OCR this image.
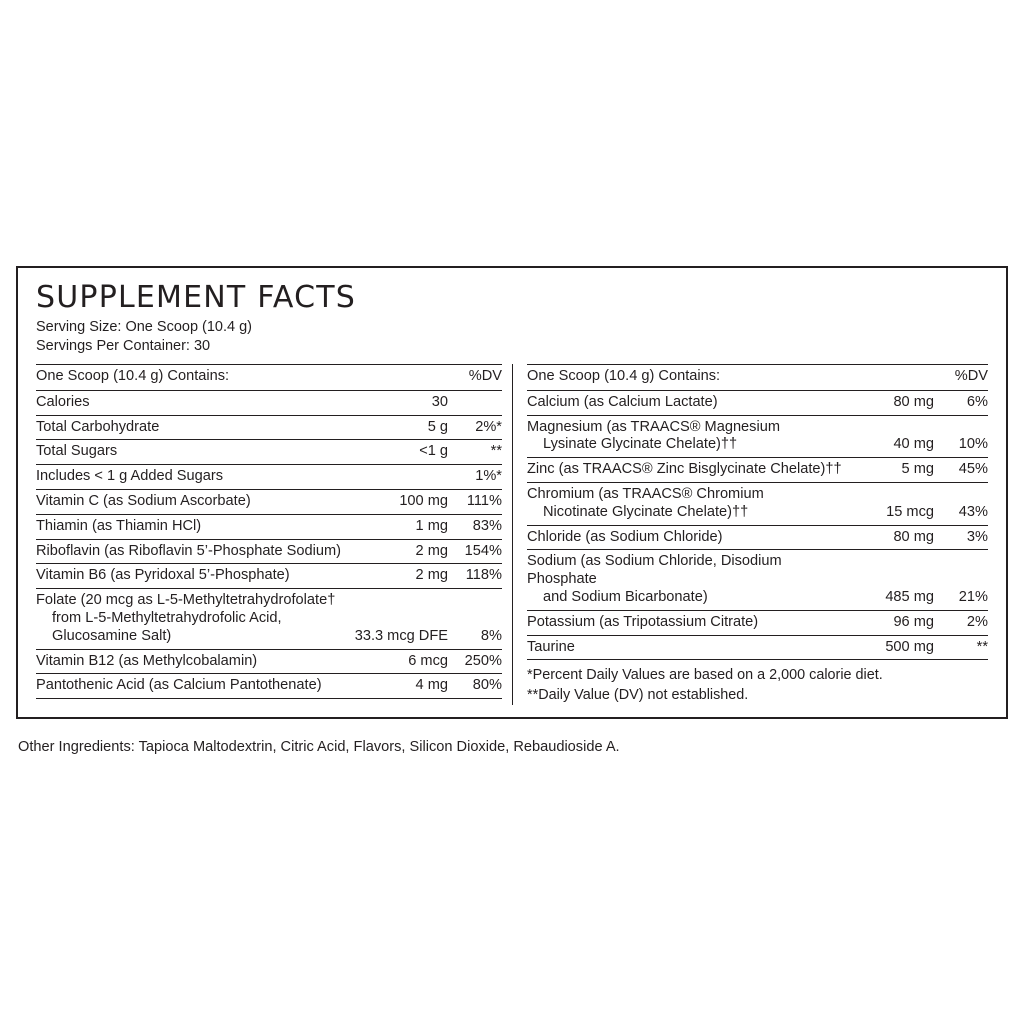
SUPPLEMENT FACTS
Serving Size: One Scoop (10.4 g)
Servings Per Container: 30
One Scoop (10.4 g) Contains:		%DV
Calories	30	
Total Carbohydrate	5 g	2%*
Total Sugars	<1 g	**
Includes < 1 g Added Sugars		1%*
Vitamin C (as Sodium Ascorbate)	100 mg	111%
Thiamin (as Thiamin HCl)	1 mg	83%
Riboflavin (as Riboflavin 5’-Phosphate Sodium)	2 mg	154%
Vitamin B6 (as Pyridoxal 5’-Phosphate)	2 mg	118%
Folate (20 mcg as L-5-Methyltetrahydrofolate†
from L-5-Methyltetrahydrofolic Acid,
Glucosamine Salt)	33.3 mcg DFE	8%
Vitamin B12 (as Methylcobalamin)	6 mcg	250%
Pantothenic Acid (as Calcium Pantothenate)	4 mg	80%
One Scoop (10.4 g) Contains:		%DV
Calcium (as Calcium Lactate)	80 mg	6%
Magnesium (as TRAACS® Magnesium
Lysinate Glycinate Chelate)††	40 mg	10%
Zinc (as TRAACS® Zinc Bisglycinate Chelate)††	5 mg	45%
Chromium (as TRAACS® Chromium
Nicotinate Glycinate Chelate)††	15 mcg	43%
Chloride (as Sodium Chloride)	80 mg	3%
Sodium (as Sodium Chloride, Disodium Phosphate
and Sodium Bicarbonate)	485 mg	21%
Potassium (as Tripotassium Citrate)	96 mg	2%
Taurine	500 mg	**
*Percent Daily Values are based on a 2,000 calorie diet.
**Daily Value (DV) not established.
Other Ingredients: Tapioca Maltodextrin, Citric Acid, Flavors, Silicon Dioxide, Rebaudioside A.
